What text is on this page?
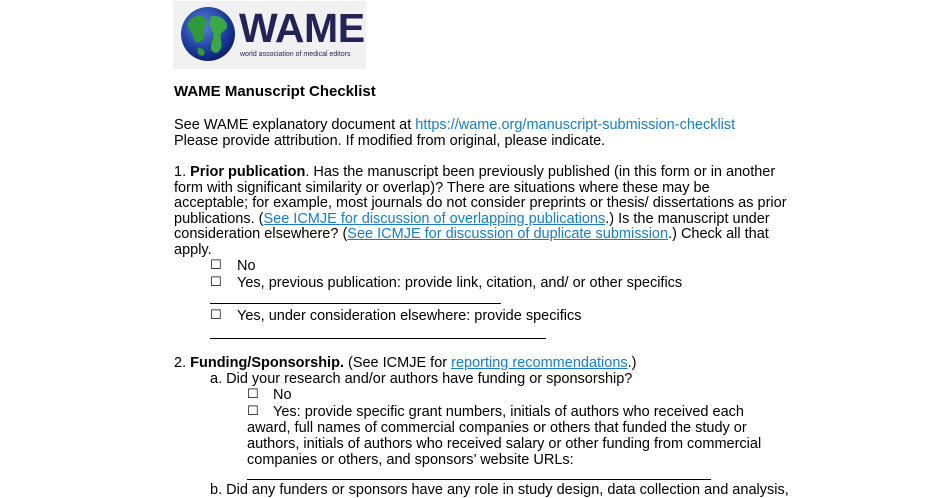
WAME
world association of medical editors
WAME Manuscript Checklist
See WAME explanatory document at https://wame.org/manuscript-submission-checklist
Please provide attribution. If modified from original, please indicate.
1. Prior publication. Has the manuscript been previously published (in this form or in another
form with significant similarity or overlap)? There are situations where these may be
acceptable; for example, most journals do not consider preprints or thesis/ dissertations as prior
publications. (See ICMJE for discussion of overlapping publications.) Is the manuscript under
consideration elsewhere? (See ICMJE for discussion of duplicate submission.) Check all that
apply.
☐ No
☐ Yes, previous publication: provide link, citation, and/ or other specifics
☐ Yes, under consideration elsewhere: provide specifics
2. Funding/Sponsorship. (See ICMJE for reporting recommendations.)
a. Did your research and/or authors have funding or sponsorship?
☐ No
☐ Yes: provide specific grant numbers, initials of authors who received each
award, full names of commercial companies or others that funded the study or
authors, initials of authors who received salary or other funding from commercial
companies or others, and sponsors’ website URLs:
b. Did any funders or sponsors have any role in study design, data collection and analysis,
